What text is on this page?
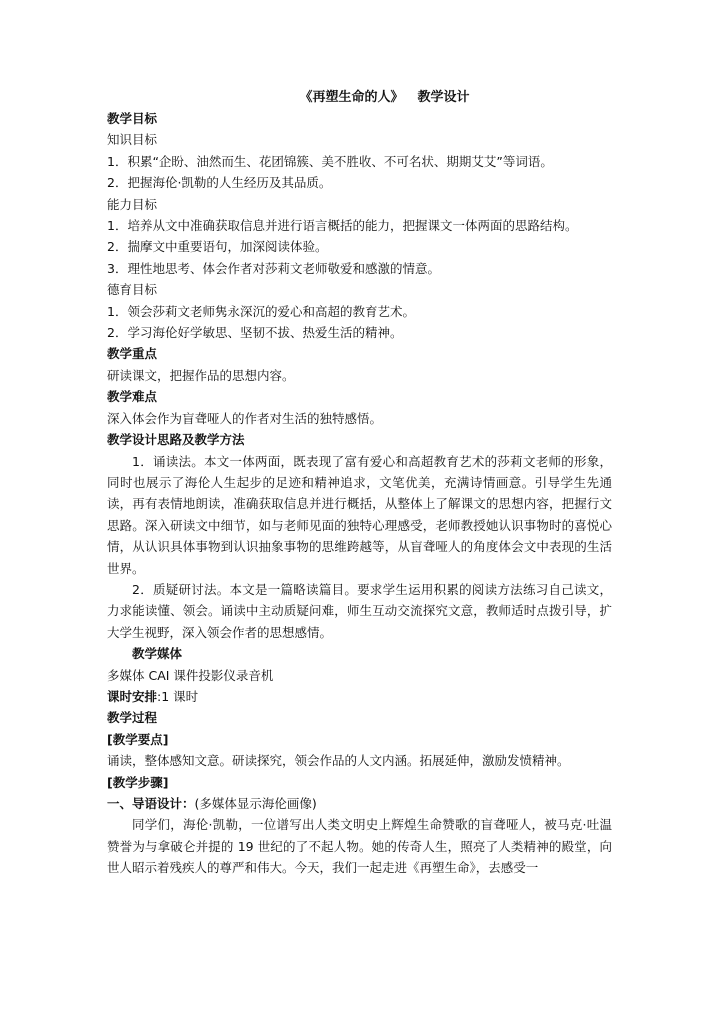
《再塑生命的人》 教学设计
教学目标
知识目标
1．积累“企盼、油然而生、花团锦簇、美不胜收、不可名状、期期艾艾”等词语。
2．把握海伦·凯勒的人生经历及其品质。
能力目标
1．培养从文中准确获取信息并进行语言概括的能力，把握课文一体两面的思路结构。
2．揣摩文中重要语句，加深阅读体验。
3．理性地思考、体会作者对莎莉文老师敬爱和感激的情意。
德育目标
1．领会莎莉文老师隽永深沉的爱心和高超的教育艺术。
2．学习海伦好学敏思、坚韧不拔、热爱生活的精神。
教学重点
研读课文，把握作品的思想内容。
教学难点
深入体会作为盲聋哑人的作者对生活的独特感悟。
教学设计思路及教学方法

1．诵读法。本文一体两面，既表现了富有爱心和高超教育艺术的莎莉文老师的形象，同时也展示了海伦人生起步的足迹和精神追求，文笔优美，充满诗情画意。引导学生先通读，再有表情地朗读，准确获取信息并进行概括，从整体上了解课文的思想内容，把握行文思路。深入研读文中细节，如与老师见面的独特心理感受，老师教授她认识事物时的喜悦心情，从认识具体事物到认识抽象事物的思维跨越等，从盲聋哑人的角度体会文中表现的生活世界。

2．质疑研讨法。本文是一篇略读篇目。要求学生运用积累的阅读方法练习自己读文，力求能读懂、领会。诵读中主动质疑问难，师生互动交流探究文意，教师适时点拨引导，扩大学生视野，深入领会作者的思想感情。

教学媒体
多媒体 CAI 课件投影仪录音机
课时安排:1 课时
教学过程
[教学要点]
诵读，整体感知文意。研读探究，领会作品的人文内涵。拓展延伸，激励发愤精神。
[教学步骤]
一、导语设计：(多媒体显示海伦画像)

同学们，海伦·凯勒，一位谱写出人类文明史上辉煌生命赞歌的盲聋哑人，被马克·吐温赞誉为与拿破仑并提的 19 世纪的了不起人物。她的传奇人生，照亮了人类精神的殿堂，向世人昭示着残疾人的尊严和伟大。今天，我们一起走进《再塑生命》，去感受一
